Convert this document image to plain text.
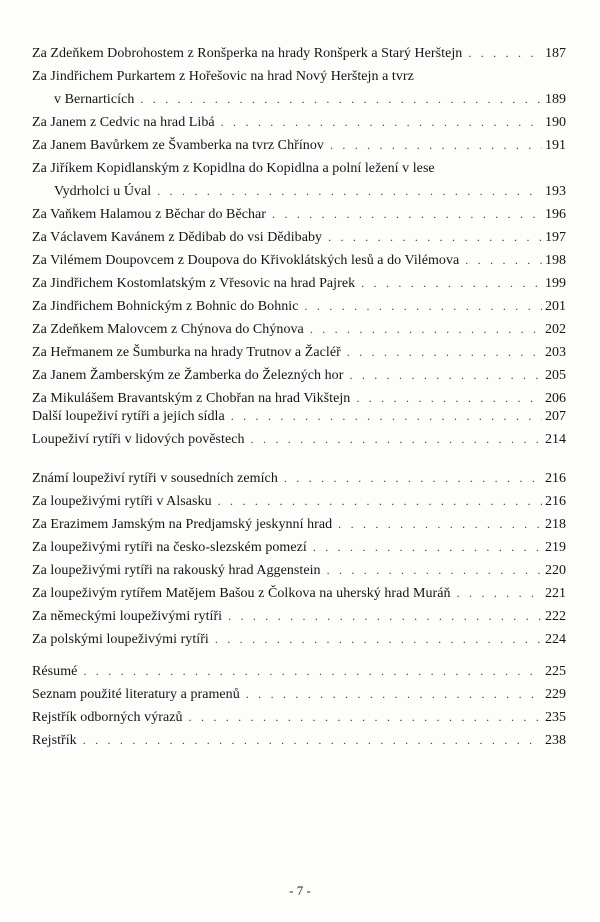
Za Zdeňkem Dobrohostem z Ronšperka na hrady Ronšperk a Starý Herštejn . . .	187
Za Jindřichem Purkartem z Hořešovic na hrad Nový Herštejn a tvrz
v Bernarticích . . .	189
Za Janem z Cedvic na hrad Libá . . .	190
Za Janem Bavůrkem ze Švamberka na tvrz Chřínov . . .	191
Za Jiříkem Kopidlanským z Kopidlna do Kopidlna a polní ležení v lese
Vydrholci u Úval . . .	193
Za Vaňkem Halamou z Běchar do Běchar . . .	196
Za Václavem Kavánem z Dědibab do vsi Dědibaby . . .	197
Za Vilémem Doupovcem z Doupova do Křivoklátských lesů a do Vilémova . . .	198
Za Jindřichem Kostomlatským z Vřesovic na hrad Pajrek . . .	199
Za Jindřichem Bohnickým z Bohnic do Bohnic . . .	201
Za Zdeňkem Malovcem z Chýnova do Chýnova . . .	202
Za Heřmanem ze Šumburka na hrady Trutnov a Žacléř . . .	203
Za Janem Žamberským ze Žamberka do Železných hor . . .	205
Za Mikulášem Bravantským z Chobřan na hrad Vikštejn . . .	206
Další loupeživí rytíři a jejich sídla . . .	207
Loupeživí rytíři v lidových pověstech . . .	214
Známí loupeživí rytíři v sousedních zemích . . .	216
Za loupeživými rytíři v Alsasku . . .	216
Za Erazimem Jamským na Predjamský jeskynní hrad . . .	218
Za loupeživými rytíři na česko-slezském pomezí . . .	219
Za loupeživými rytíři na rakouský hrad Aggenstein . . .	220
Za loupeživým rytířem Matějem Bašou z Čolkova na uherský hrad Muráň . . .	221
Za německými loupeživými rytíři . . .	222
Za polskými loupeživými rytíři . . .	224
Résumé . . .	225
Seznam použité literatury a pramenů . . .	229
Rejstřík odborných výrazů . . .	235
Rejstřík . . .	238
- 7 -
